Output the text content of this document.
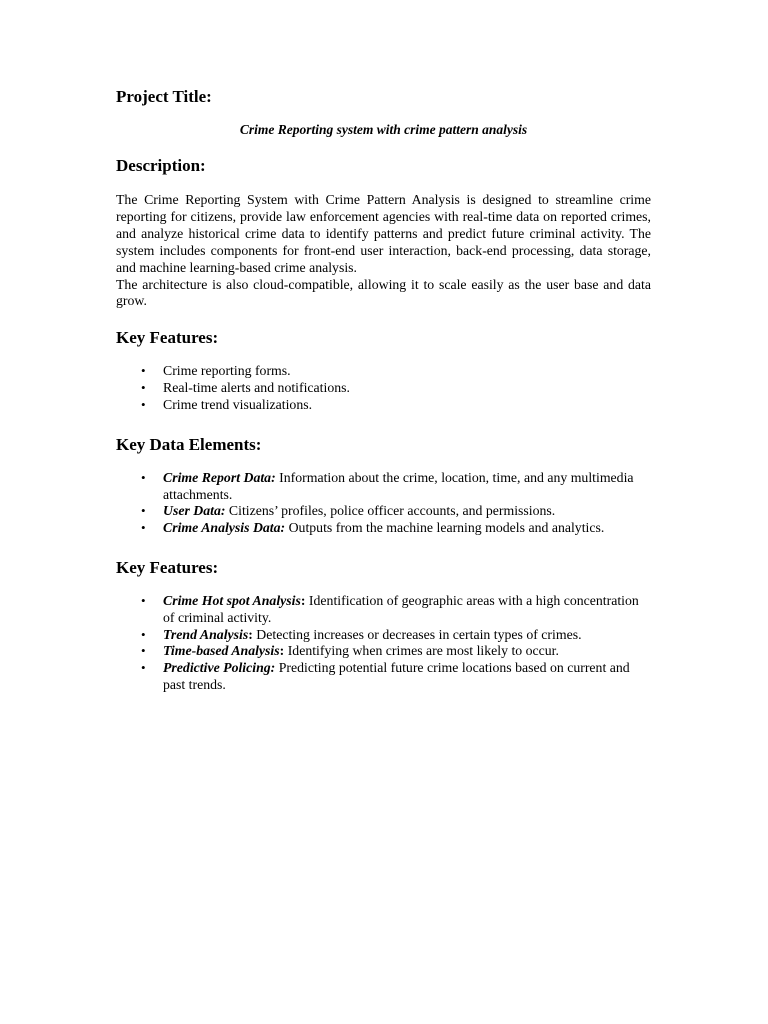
Project Title:
Crime Reporting system with crime pattern analysis
Description:

The Crime Reporting System with Crime Pattern Analysis is designed to streamline crime reporting for citizens, provide law enforcement agencies with real-time data on reported crimes, and analyze historical crime data to identify patterns and predict future criminal activity. The system includes components for front-end user interaction, back-end processing, data storage, and machine learning-based crime analysis.

The architecture is also cloud-compatible, allowing it to scale easily as the user base and data grow.

Key Features:
• Crime reporting forms.
• Real-time alerts and notifications.
• Crime trend visualizations.
Key Data Elements:
• Crime Report Data: Information about the crime, location, time, and any multimedia attachments.
• User Data: Citizens’ profiles, police officer accounts, and permissions.
• Crime Analysis Data: Outputs from the machine learning models and analytics.
Key Features:
• Crime Hot spot Analysis: Identification of geographic areas with a high concentration of criminal activity.
• Trend Analysis: Detecting increases or decreases in certain types of crimes.
• Time-based Analysis: Identifying when crimes are most likely to occur.
• Predictive Policing: Predicting potential future crime locations based on current and past trends.
